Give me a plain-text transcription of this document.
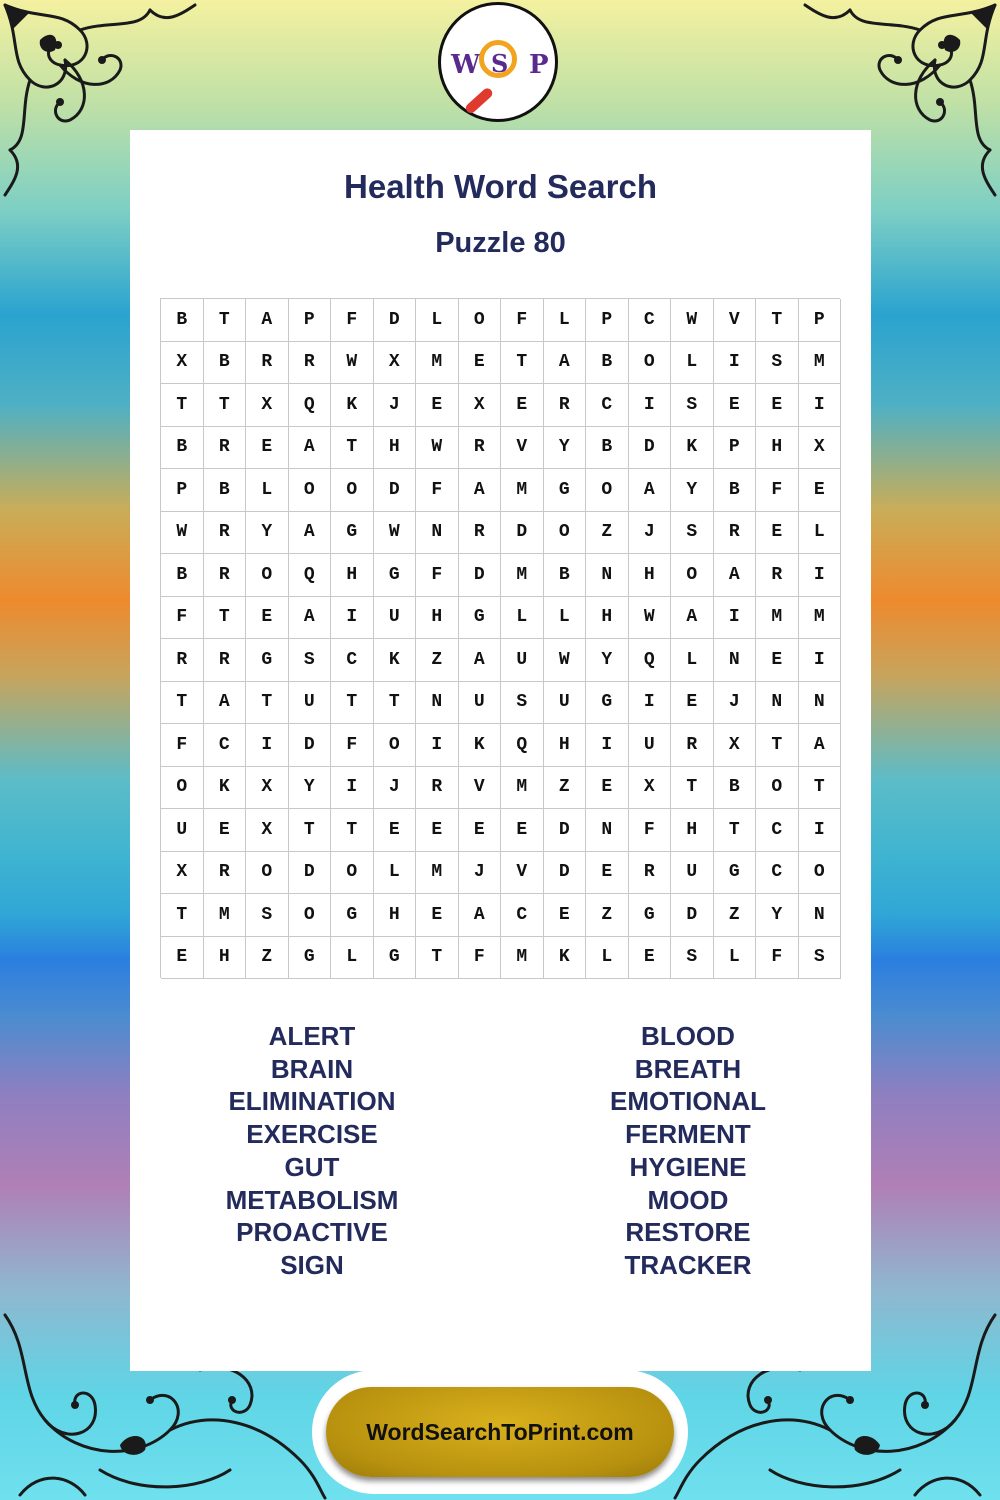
W S P
Health Word Search
Puzzle 80
B	T	A	P	F	D	L	O	F	L	P	C	W	V	T	P
X	B	R	R	W	X	M	E	T	A	B	O	L	I	S	M
T	T	X	Q	K	J	E	X	E	R	C	I	S	E	E	I
B	R	E	A	T	H	W	R	V	Y	B	D	K	P	H	X
P	B	L	O	O	D	F	A	M	G	O	A	Y	B	F	E
W	R	Y	A	G	W	N	R	D	O	Z	J	S	R	E	L
B	R	O	Q	H	G	F	D	M	B	N	H	O	A	R	I
F	T	E	A	I	U	H	G	L	L	H	W	A	I	M	M
R	R	G	S	C	K	Z	A	U	W	Y	Q	L	N	E	I
T	A	T	U	T	T	N	U	S	U	G	I	E	J	N	N
F	C	I	D	F	O	I	K	Q	H	I	U	R	X	T	A
O	K	X	Y	I	J	R	V	M	Z	E	X	T	B	O	T
U	E	X	T	T	E	E	E	E	D	N	F	H	T	C	I
X	R	O	D	O	L	M	J	V	D	E	R	U	G	C	O
T	M	S	O	G	H	E	A	C	E	Z	G	D	Z	Y	N
E	H	Z	G	L	G	T	F	M	K	L	E	S	L	F	S
ALERT
BRAIN
ELIMINATION
EXERCISE
GUT
METABOLISM
PROACTIVE
SIGN
BLOOD
BREATH
EMOTIONAL
FERMENT
HYGIENE
MOOD
RESTORE
TRACKER
WordSearchToPrint.com
